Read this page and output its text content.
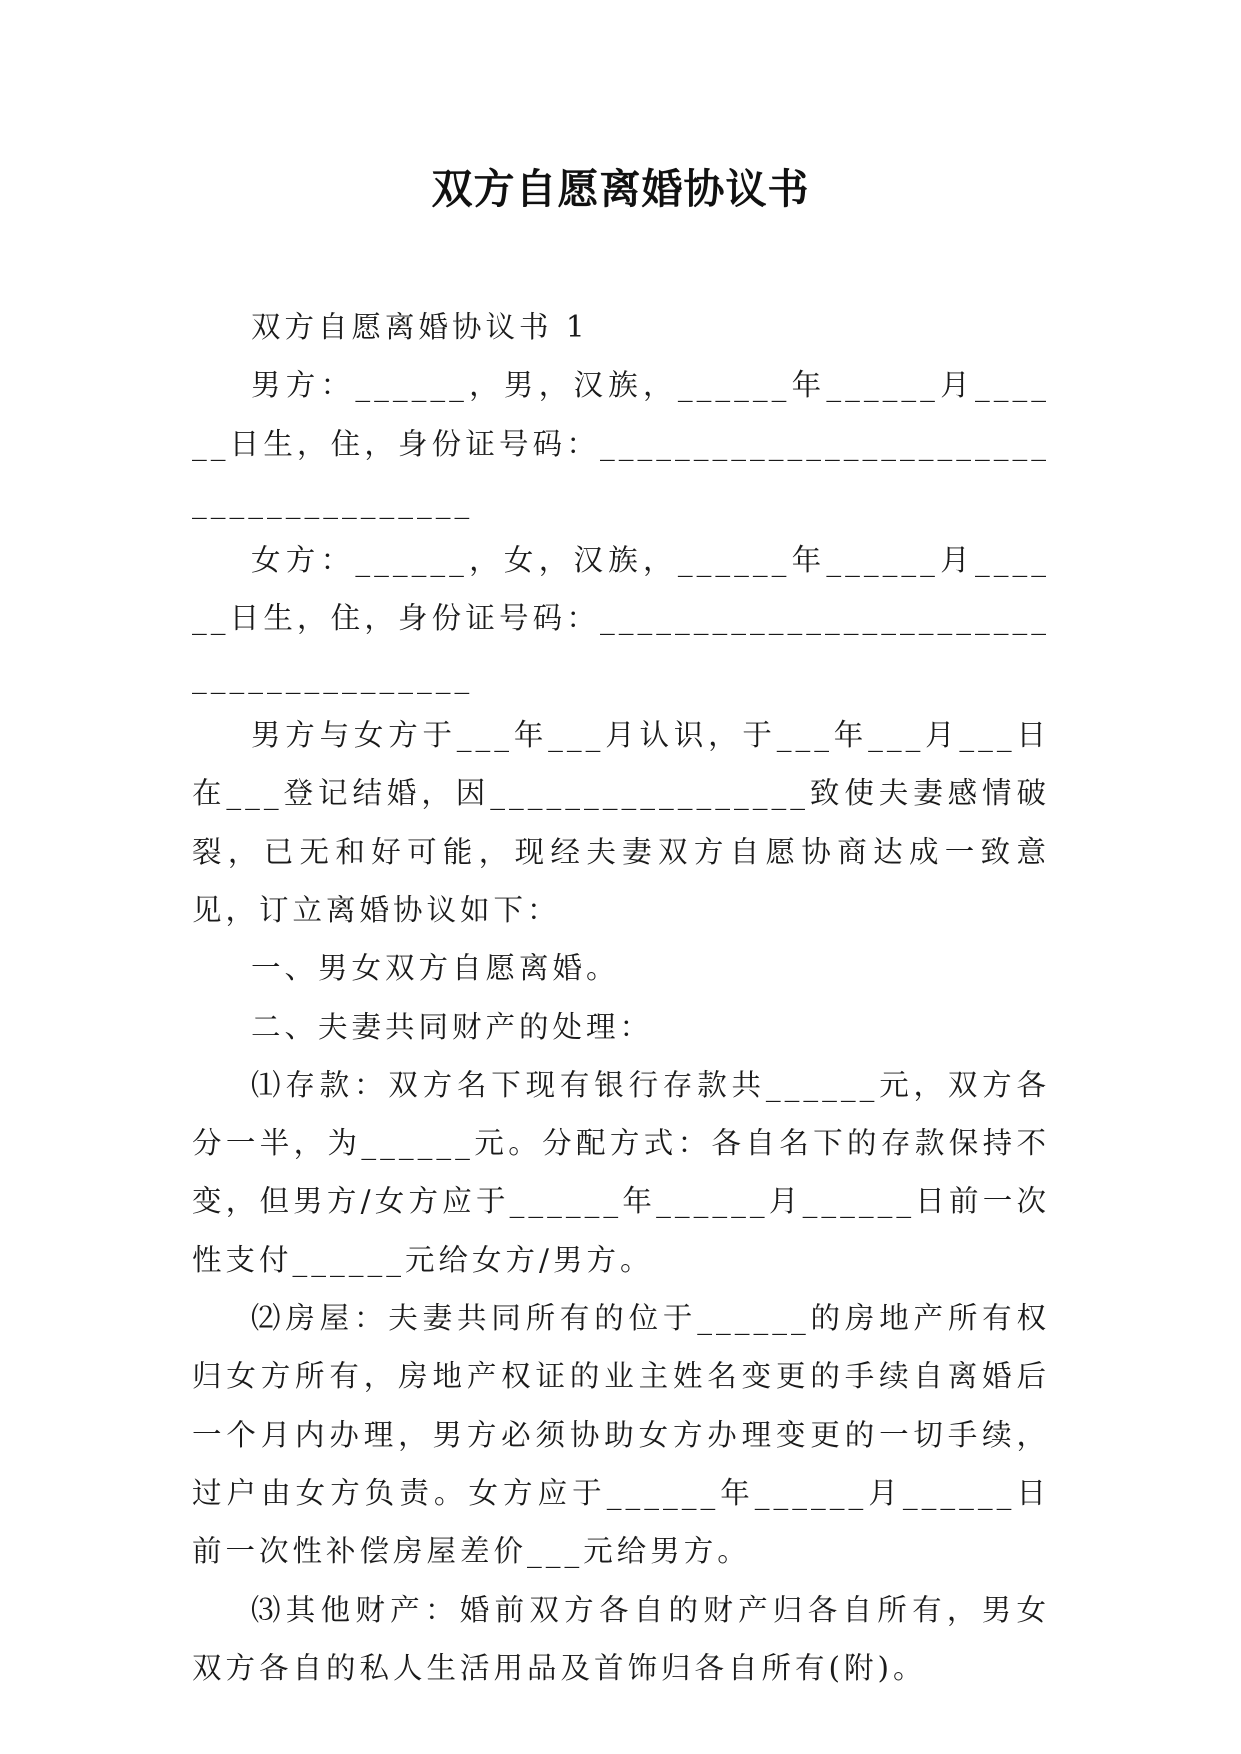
双方自愿离婚协议书

双方自愿离婚协议书 1

男方：______，男，汉族，______年______月______日生，住，身份证号码：_______________________________________

女方：______，女，汉族，______年______月______日生，住，身份证号码：_______________________________________

男方与女方于___年___月认识，于___年___月___日在___登记结婚，因_________________致使夫妻感情破裂，已无和好可能，现经夫妻双方自愿协商达成一致意见，订立离婚协议如下：

一、男女双方自愿离婚。

二、夫妻共同财产的处理：

⑴存款：双方名下现有银行存款共______元，双方各分一半，为______元。分配方式：各自名下的存款保持不变，但男方/女方应于______年______月______日前一次性支付______元给女方/男方。

⑵房屋：夫妻共同所有的位于______的房地产所有权归女方所有，房地产权证的业主姓名变更的手续自离婚后一个月内办理，男方必须协助女方办理变更的一切手续，过户由女方负责。女方应于______年______月______日前一次性补偿房屋差价___元给男方。

⑶其他财产：婚前双方各自的财产归各自所有，男女双方各自的私人生活用品及首饰归各自所有(附)。
